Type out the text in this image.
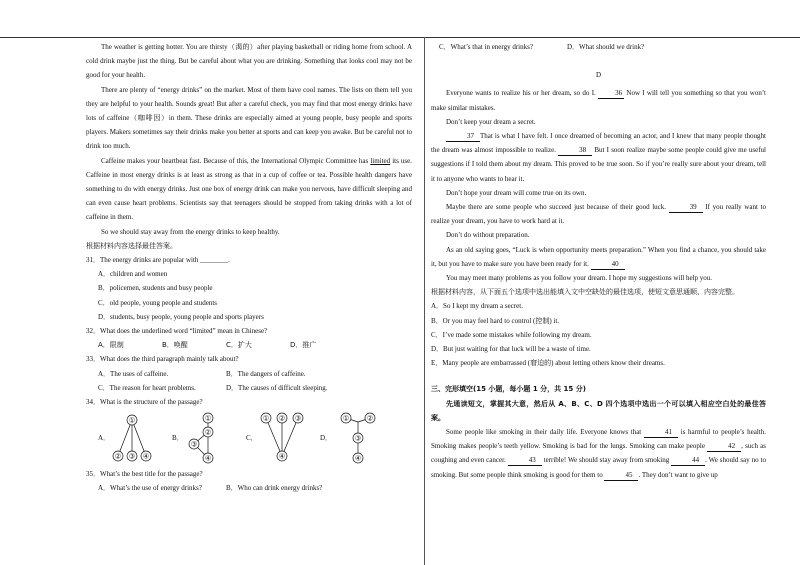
The weather is getting hotter. You are thirsty（渴的）after playing basketball or riding home from school. A cold drink maybe just the thing. But be careful about what you are drinking. Something that looks cool may not be good for your health.

There are plenty of “energy drinks” on the market. Most of them have cool names. The lists on them tell you they are helpful to your health. Sounds great! But after a careful check, you may find that most energy drinks have lots of caffeine（咖啡因）in them. These drinks are especially aimed at young people, busy people and sports players. Makers sometimes say their drinks make you better at sports and can keep you awake. But be careful not to drink too much.

Caffeine makes your heartbeat fast. Because of this, the International Olympic Committee has limited its use. Caffeine in most energy drinks is at least as strong as that in a cup of coffee or tea. Possible health dangers have something to do with energy drinks. Just one box of energy drink can make you nervous, have difficult sleeping and can even cause heart problems. Scientists say that teenagers should be stopped from taking drinks with a lot of caffeine in them.

So we should stay away from the energy drinks to keep healthy.

根据材料内容选择最佳答案。
31．The energy drinks are popular with ________.
A．children and women
B．policemen, students and busy people
C．old people, young people and students
D．students, busy people, young people and sports players
32．What does the underlined word “limited” mean in Chinese?
A．限制	B．唤醒	C．扩大	D．推广
33．What does the third paragraph mainly talk about?
A．The uses of caffeine.	B．The dangers of caffeine.
C．The reason for heart problems.	D．The causes of difficult sleeping.
34．What is the structure of the passage?
A．
①
② ③ ④
B．
①
②
③
④
C．
① ② ③
④
D．
①	②
③
④
35．What’s the best title for the passage?
A．What’s the use of energy drinks?	B．Who can drink energy drinks?
C．What’s that in energy drinks?	D．What should we drink?
D

Everyone wants to realize his or her dream, so do I. 36 Now I will tell you something so that you won’t make similar mistakes.

Don’t keep your dream a secret.

37 That is what I have felt. I once dreamed of becoming an actor, and I knew that many people thought the dream was almost impossible to realize.	38 But I soon realize maybe some people could give me useful suggestions if I told them about my dream. This proved to be true soon. So if you’re really sure about your dream, tell it to anyone who wants to hear it.

Don’t hope your dream will come true on its own.

Maybe there are some people who succeed just because of their good luck.	39 If you really want to realize your dream, you have to work hard at it.

Don’t do without preparation.

As an old saying goes, “Luck is when opportunity meets preparation.” When you find a chance, you should take it, but you have to make sure you have been ready for it.	40

You may meet many problems as you follow your dream. I hope my suggestions will help you.

根据材料内容，从下面五个选项中选出能填入文中空缺处的最佳选项，使短文意思通顺、内容完整。
A．So I kept my dream a secret.
B．Or you may feel hard to control (控制) it.
C．I’ve made some mistakes while following my dream.
D．But just waiting for that luck will be a waste of time.
E．Many people are embarrassed (窘迫的) about letting others know their dreams.
三、完形填空(15 小题，每小题 1 分，共 15 分)

先通读短文，掌握其大意，然后从 A、B、C、D 四个选项中选出一个可以填入相应空白处的最佳答案。

Some people like smoking in their daily life. Everyone knows that	41 is harmful to people’s health. Smoking makes people’s teeth yellow. Smoking is bad for the lungs. Smoking can make people	42 , such as coughing and even cancer.	43 terrible! We should stay away from smoking	44 . We should say no to smoking. But some people think smoking is good for them to	45 . They don’t want to give up
